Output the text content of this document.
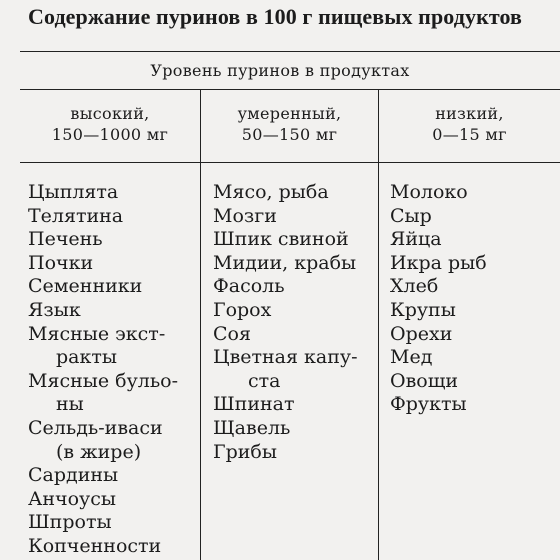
Содержание пуринов в 100 г пищевых продуктов
Уровень пуринов в продуктах
высокий,
150—1000 мг
умеренный,
50—150 мг
низкий,
0—15 мг
Цыплята
Телятина
Печень
Почки
Семенники
Язык
Мясные экст-
ракты
Мясные бульо-
ны
Сельдь-иваси
(в жире)
Сардины
Анчоусы
Шпроты
Копченности
Мясо, рыба
Мозги
Шпик свиной
Мидии, крабы
Фасоль
Горох
Соя
Цветная капу-
ста
Шпинат
Щавель
Грибы
Молоко
Сыр
Яйца
Икра рыб
Хлеб
Крупы
Орехи
Мед
Овощи
Фрукты
